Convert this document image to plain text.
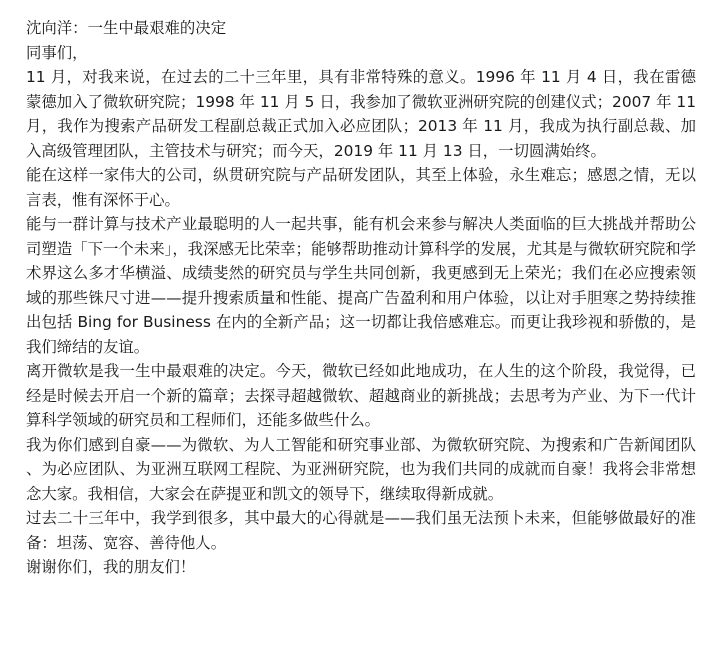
沈向洋：一生中最艰难的决定
同事们，
11 月，对我来说，在过去的二十三年里，具有非常特殊的意义。1996 年 11 月 4 日，我在雷德蒙德加入了微软研究院；1998 年 11 月 5 日，我参加了微软亚洲研究院的创建仪式；2007 年 11 月，我作为搜索产品研发工程副总裁正式加入必应团队；2013 年 11 月，我成为执行副总裁、加入高级管理团队，主管技术与研究；而今天，2019 年 11 月 13 日，一切圆满始终。
能在这样一家伟大的公司，纵贯研究院与产品研发团队，其至上体验，永生难忘；感恩之情，无以言表，惟有深怀于心。
能与一群计算与技术产业最聪明的人一起共事，能有机会来参与解决人类面临的巨大挑战并帮助公司塑造「下一个未来」，我深感无比荣幸；能够帮助推动计算科学的发展，尤其是与微软研究院和学术界这么多才华横溢、成绩斐然的研究员与学生共同创新，我更感到无上荣光；我们在必应搜索领域的那些铢尺寸进——提升搜索质量和性能、提高广告盈利和用户体验，以让对手胆寒之势持续推出包括 Bing for Business 在内的全新产品；这一切都让我倍感难忘。而更让我珍视和骄傲的，是我们缔结的友谊。
离开微软是我一生中最艰难的决定。今天，微软已经如此地成功，在人生的这个阶段，我觉得，已经是时候去开启一个新的篇章；去探寻超越微软、超越商业的新挑战；去思考为产业、为下一代计算科学领域的研究员和工程师们，还能多做些什么。
我为你们感到自豪——为微软、为人工智能和研究事业部、为微软研究院、为搜索和广告新闻团队、为必应团队、为亚洲互联网工程院、为亚洲研究院，也为我们共同的成就而自豪！我将会非常想念大家。我相信，大家会在萨提亚和凯文的领导下，继续取得新成就。
过去二十三年中，我学到很多，其中最大的心得就是——我们虽无法预卜未来，但能够做最好的准备：坦荡、宽容、善待他人。
谢谢你们，我的朋友们！
